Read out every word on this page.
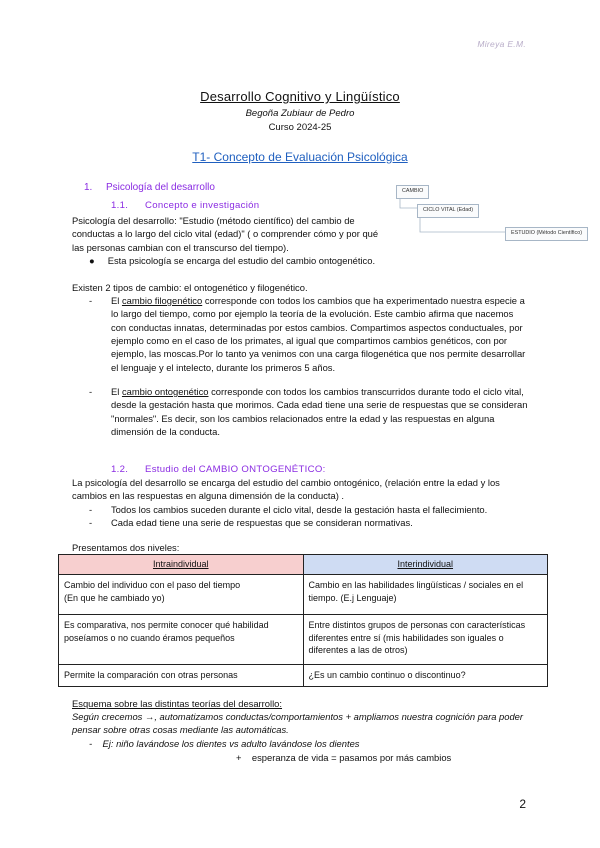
Mireya E.M.
Desarrollo Cognitivo y Lingüístico
Begoña Zubiaur de Pedro
Curso 2024-25
T1- Concepto de Evaluación Psicológica
CAMBIO
CICLO VITAL (Edad)
ESTUDIO (Método Científico)
1. Psicología del desarrollo
1.1. Concepto e investigación
Psicología del desarrollo: "Estudio (método científico) del cambio de conductas a lo largo del ciclo vital (edad)" ( o comprender cómo y por qué las personas cambian con el transcurso del tiempo).
● Esta psicología se encarga del estudio del cambio ontogenético.
Existen 2 tipos de cambio: el ontogenético y filogenético.
- El cambio filogenético corresponde con todos los cambios que ha experimentado nuestra especie a lo largo del tiempo, como por ejemplo la teoría de la evolución. Este cambio afirma que nacemos con conductas innatas, determinadas por estos cambios. Compartimos aspectos conductuales, por ejemplo como en el caso de los primates, al igual que compartimos cambios genéticos, con por ejemplo, las moscas.Por lo tanto ya venimos con una carga filogenética que nos permite desarrollar el lenguaje y el intelecto, durante los primeros 5 años.
- El cambio ontogenético corresponde con todos los cambios transcurridos durante todo el ciclo vital, desde la gestación hasta que morimos. Cada edad tiene una serie de respuestas que se consideran "normales". Es decir, son los cambios relacionados entre la edad y las respuestas en alguna dimensión de la conducta.
1.2. Estudio del CAMBIO ONTOGENÉTICO:
La psicología del desarrollo se encarga del estudio del cambio ontogénico, (relación entre la edad y los cambios en las respuestas en alguna dimensión de la conducta) .
- Todos los cambios suceden durante el ciclo vital, desde la gestación hasta el fallecimiento.
- Cada edad tiene una serie de respuestas que se consideran normativas.
Presentamos dos niveles:
Intraindividual	Interindividual
Cambio del individuo con el paso del tiempo
(En que he cambiado yo)	Cambio en las habilidades lingüísticas / sociales en el tiempo. (E.j Lenguaje)
Es comparativa, nos permite conocer qué habilidad poseíamos o no cuando éramos pequeños	Entre distintos grupos de personas con características diferentes entre sí (mis habilidades son iguales o diferentes a las de otros)
Permite la comparación con otras personas	¿Es un cambio continuo o discontinuo?
Esquema sobre las distintas teorías del desarrollo:
Según crecemos →, automatizamos conductas/comportamientos + ampliamos nuestra cognición para poder pensar sobre otras cosas mediante las automáticas.
- Ej: niño lavándose los dientes vs adulto lavándose los dientes
+ esperanza de vida = pasamos por más cambios
2
